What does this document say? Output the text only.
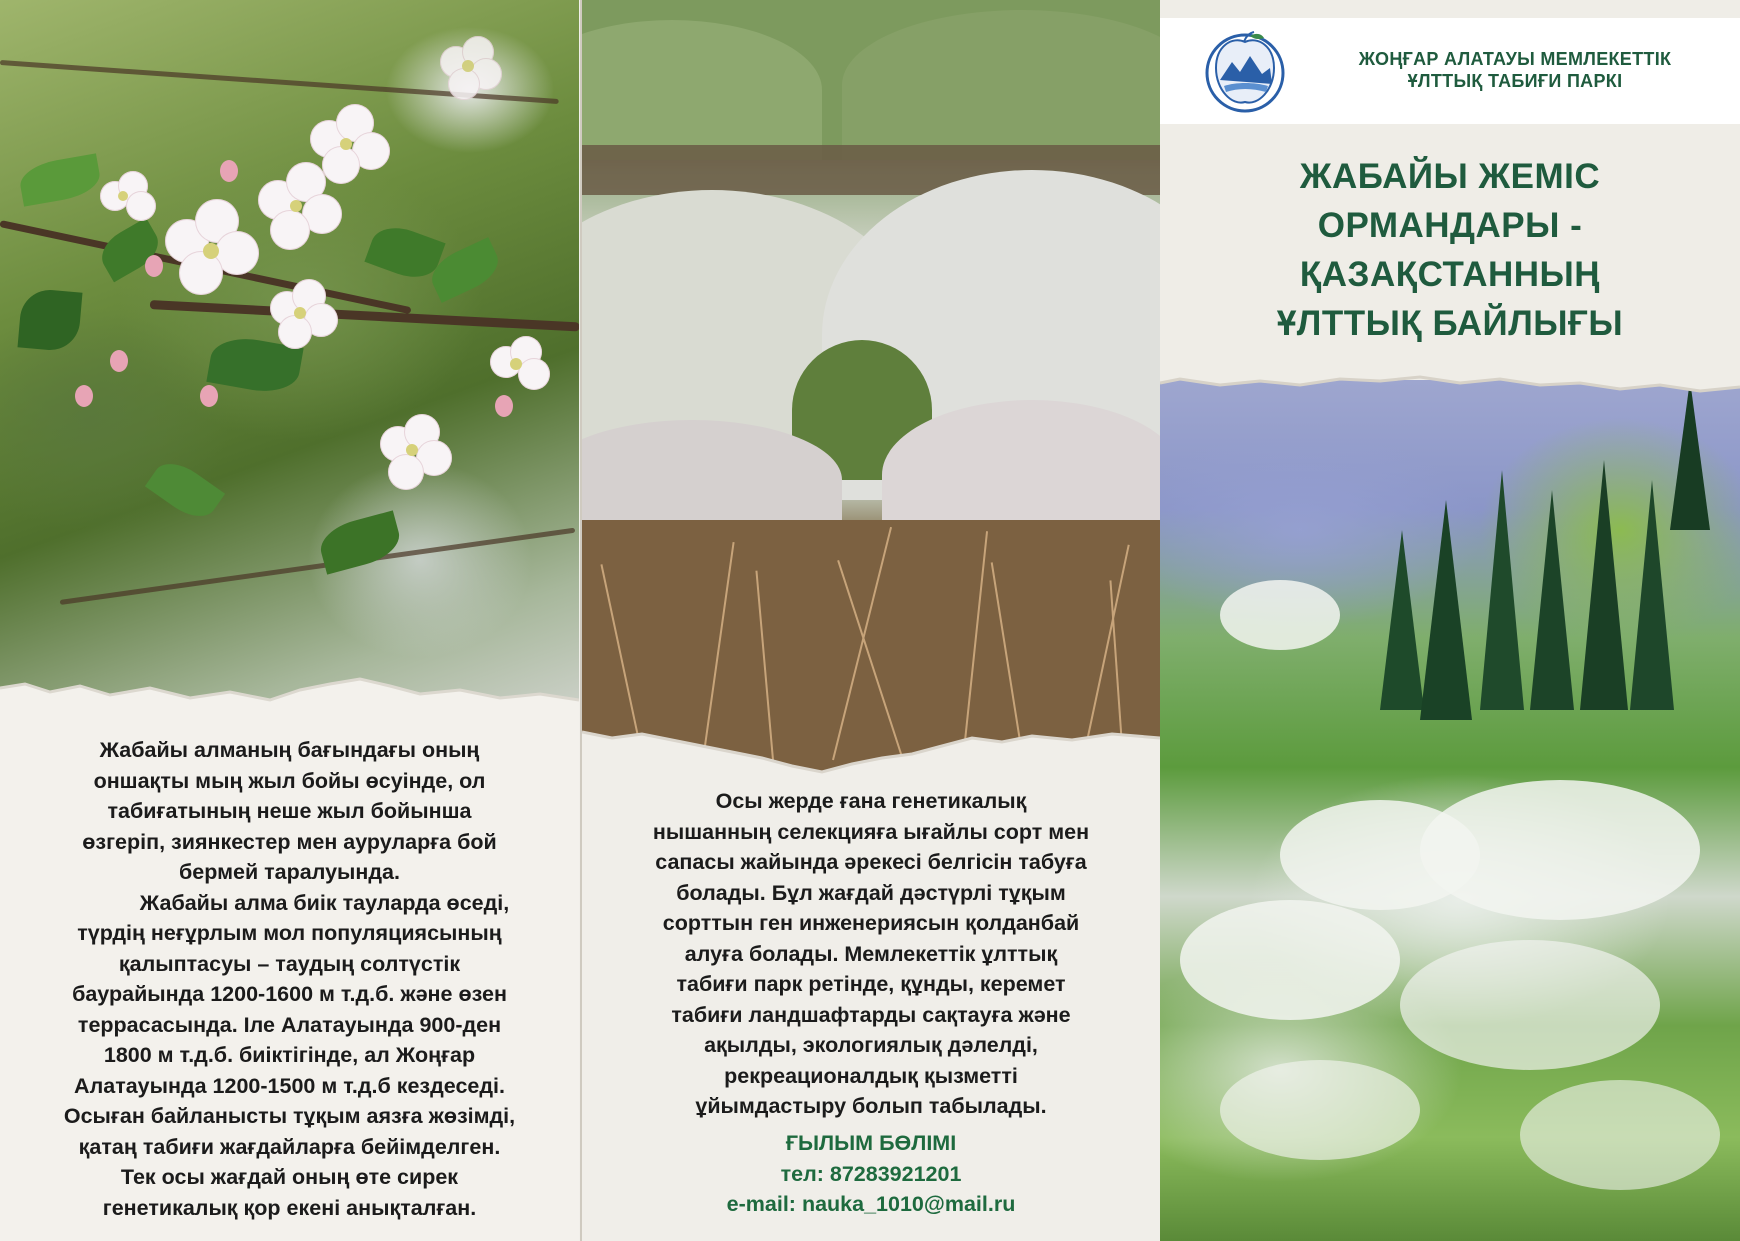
Жабайы алманың бағындағы оның

оншақты мың жыл бойы өсуінде, ол

табиғатының неше жыл бойынша

өзгеріп, зиянкестер мен ауруларға бой

бермей таралуында.

Жабайы алма биік тауларда өседі,

түрдің неғұрлым мол популяциясының

қалыптасуы – таудың солтүстік

баурайында 1200-1600 м т.д.б. және өзен

террасасында. Іле Алатауында 900-ден

1800 м т.д.б. биіктігінде, ал Жоңғар

Алатауында 1200-1500 м т.д.б кездеседі.

Осыған байланысты тұқым аязға жөзімді,

қатаң табиғи жағдайларға бейімделген.

Тек осы жағдай оның өте сирек

генетикалық қор екені анықталған.

Осы жерде ғана генетикалық
нышанның селекцияға ығайлы сорт мен
сапасы жайында әрекесі белгісін табуға
болады. Бұл жағдай дәстүрлі тұқым
сорттын ген инженериясын қолданбай
алуға болады. Мемлекеттік ұлттық
табиғи парк ретінде, құнды, керемет
табиғи ландшафтарды сақтауға және
ақылды, экологиялық дәлелді,
рекреационалдық қызметті
ұйымдастыру болып табылады.
ҒЫЛЫМ БӨЛІМІ
тел: 87283921201
e-mail: nauka_1010@mail.ru
ЖОҢҒАР АЛАТАУЫ МЕМЛЕКЕТТІК
ҰЛТТЫҚ ТАБИҒИ ПАРКІ
ЖАБАЙЫ ЖЕМІС
ОРМАНДАРЫ -
ҚАЗАҚСТАННЫҢ
ҰЛТТЫҚ БАЙЛЫҒЫ
